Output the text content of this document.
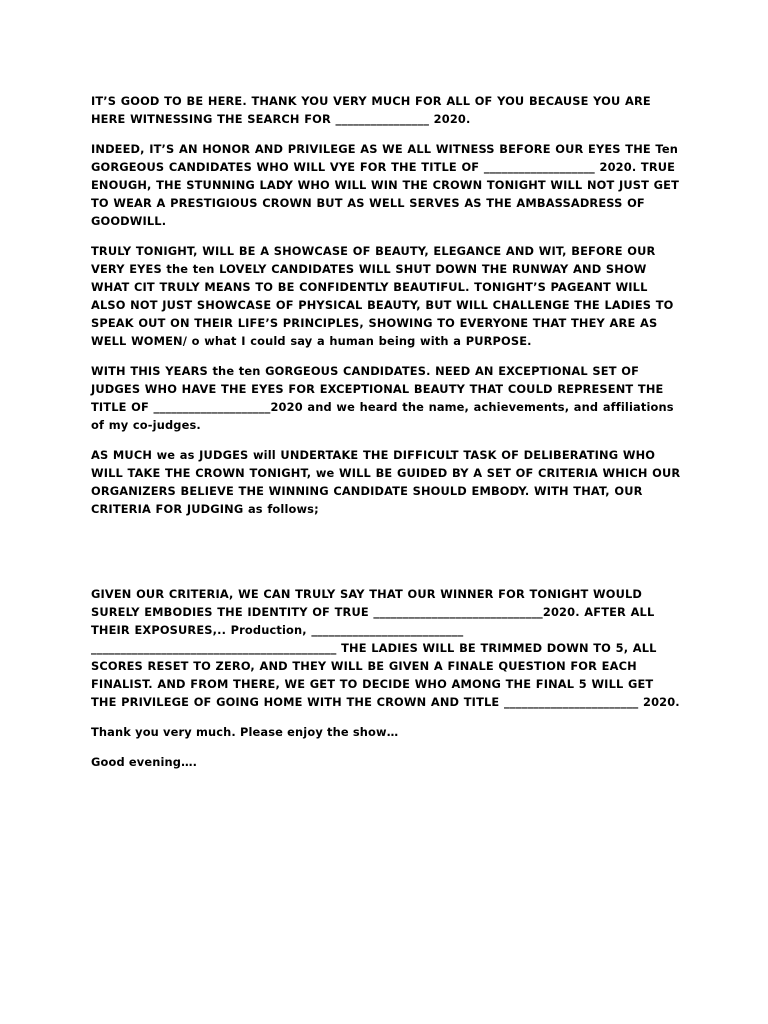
IT’S GOOD TO BE HERE. THANK YOU VERY MUCH FOR ALL OF YOU BECAUSE YOU ARE HERE WITNESSING THE SEARCH FOR ________________ 2020.

INDEED, IT’S AN HONOR AND PRIVILEGE AS WE ALL WITNESS BEFORE OUR EYES THE Ten GORGEOUS CANDIDATES WHO WILL VYE FOR THE TITLE OF ___________________ 2020. TRUE ENOUGH, THE STUNNING LADY WHO WILL WIN THE CROWN TONIGHT WILL NOT JUST GET TO WEAR A PRESTIGIOUS CROWN BUT AS WELL SERVES AS THE AMBASSADRESS OF GOODWILL.

TRULY TONIGHT, WILL BE A SHOWCASE OF BEAUTY, ELEGANCE AND WIT, BEFORE OUR VERY EYES the ten LOVELY CANDIDATES WILL SHUT DOWN THE RUNWAY AND SHOW WHAT CIT TRULY MEANS TO BE CONFIDENTLY BEAUTIFUL. TONIGHT’S PAGEANT WILL ALSO NOT JUST SHOWCASE OF PHYSICAL BEAUTY, BUT WILL CHALLENGE THE LADIES TO SPEAK OUT ON THEIR LIFE’S PRINCIPLES, SHOWING TO EVERYONE THAT THEY ARE AS WELL WOMEN/ o what I could say a human being with a PURPOSE.

WITH THIS YEARS the ten GORGEOUS CANDIDATES. NEED AN EXCEPTIONAL SET OF JUDGES WHO HAVE THE EYES FOR EXCEPTIONAL BEAUTY THAT COULD REPRESENT THE TITLE OF ____________________2020 and we heard the name, achievements, and affiliations of my co-judges.

AS MUCH we as JUDGES will UNDERTAKE THE DIFFICULT TASK OF DELIBERATING WHO WILL TAKE THE CROWN TONIGHT, we WILL BE GUIDED BY A SET OF CRITERIA WHICH OUR ORGANIZERS BELIEVE THE WINNING CANDIDATE SHOULD EMBODY. WITH THAT, OUR CRITERIA FOR JUDGING as follows;

GIVEN OUR CRITERIA, WE CAN TRULY SAY THAT OUR WINNER FOR TONIGHT WOULD SURELY EMBODIES THE IDENTITY OF TRUE _____________________________2020. AFTER ALL THEIR EXPOSURES,.. Production, __________________________
__________________________________________ THE LADIES WILL BE TRIMMED DOWN TO 5, ALL SCORES RESET TO ZERO, AND THEY WILL BE GIVEN A FINALE QUESTION FOR EACH FINALIST. AND FROM THERE, WE GET TO DECIDE WHO AMONG THE FINAL 5 WILL GET THE PRIVILEGE OF GOING HOME WITH THE CROWN AND TITLE _______________________ 2020.

Thank you very much. Please enjoy the show…

Good evening….
